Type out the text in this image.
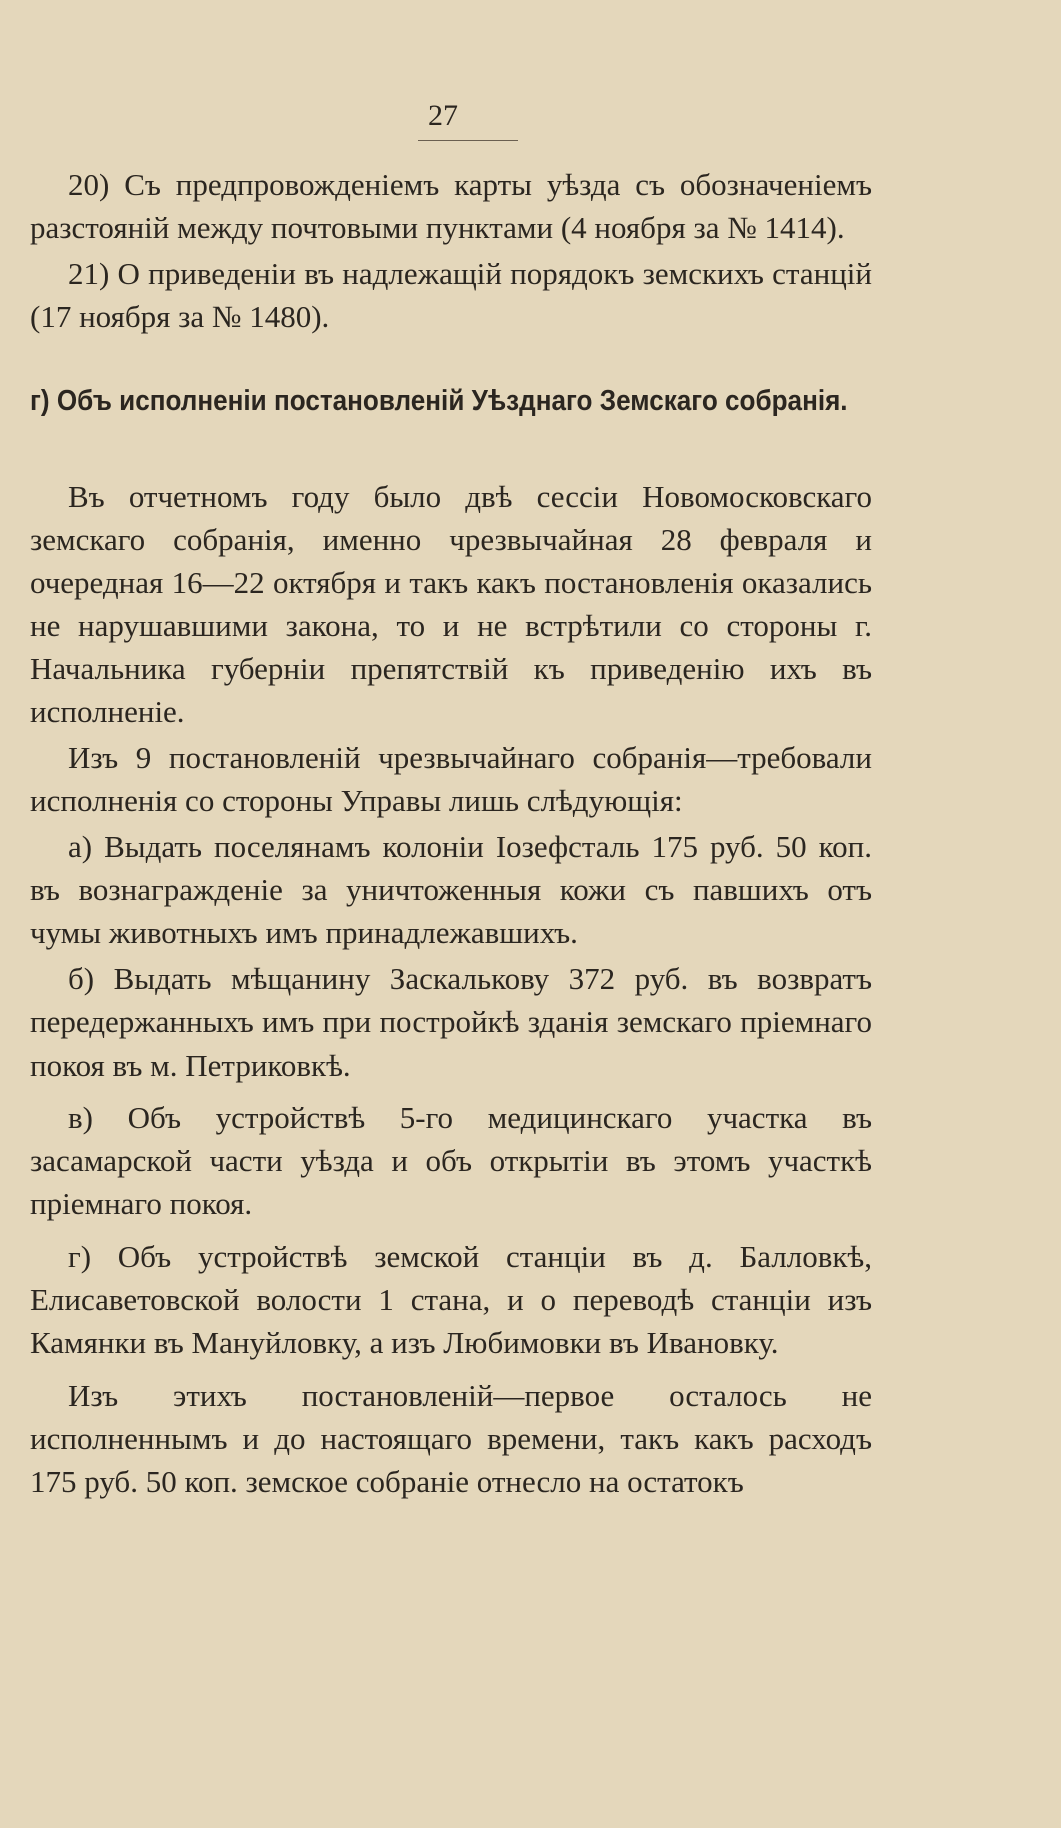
27

20) Съ предпровожденіемъ карты уѣзда съ обозначеніемъ разстояній между почтовыми пунктами (4 ноября за № 1414).

21) О приведеніи въ надлежащій порядокъ земскихъ станцій (17 ноября за № 1480).

г) Объ исполненіи постановленій Уѣзднаго Земскаго собранія.

Въ отчетномъ году было двѣ сессіи Новомосковскаго земскаго собранія, именно чрезвычайная 28 февраля и очередная 16—22 октября и такъ какъ постановленія оказались не нарушавшими закона, то и не встрѣтили со стороны г. Начальника губерніи препятствій къ приведенію ихъ въ исполненіе.

Изъ 9 постановленій чрезвычайнаго собранія—требовали исполненія со стороны Управы лишь слѣдующія:

а) Выдать поселянамъ колоніи Іозефсталь 175 руб. 50 коп. въ вознагражденіе за уничтоженныя кожи съ павшихъ отъ чумы животныхъ имъ принадлежавшихъ.

б) Выдать мѣщанину Заскалькову 372 руб. въ возвратъ передержанныхъ имъ при постройкѣ зданія земскаго пріемнаго покоя въ м. Петриковкѣ.

в) Объ устройствѣ 5-го медицинскаго участка въ засамарской части уѣзда и объ открытіи въ этомъ участкѣ пріемнаго покоя.

г) Объ устройствѣ земской станціи въ д. Балловкѣ, Елисаветовской волости 1 стана, и о переводѣ станціи изъ Камянки въ Мануйловку, а изъ Любимовки въ Ивановку.

Изъ этихъ постановленій—первое осталось не исполненнымъ и до настоящаго времени, такъ какъ расходъ 175 руб. 50 коп. земское собраніе отнесло на остатокъ
